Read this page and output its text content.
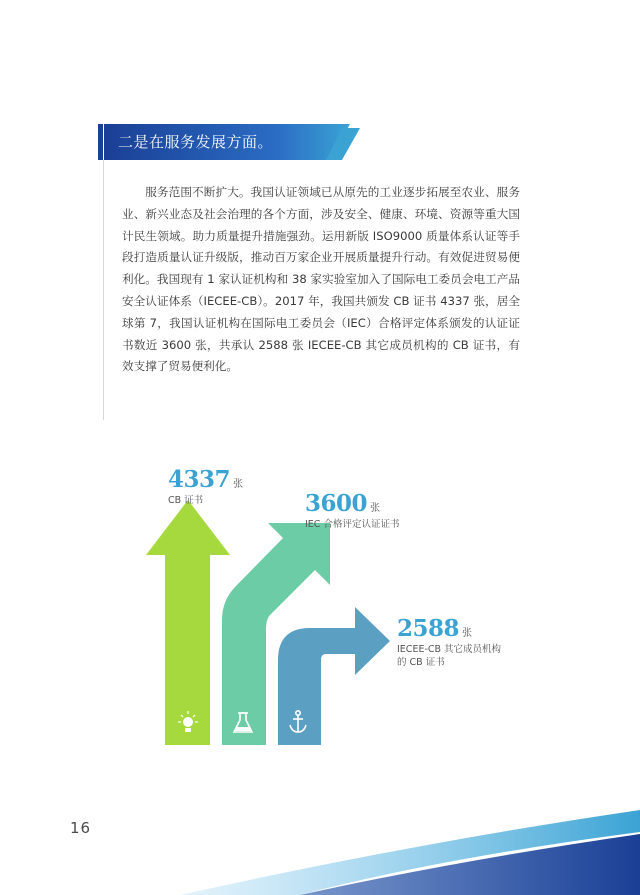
二是在服务发展方面。

服务范围不断扩大。我国认证领域已从原先的工业逐步拓展至农业、服务业、新兴业态及社会治理的各个方面，涉及安全、健康、环境、资源等重大国计民生领域。助力质量提升措施强劲。运用新版 ISO9000 质量体系认证等手段打造质量认证升级版，推动百万家企业开展质量提升行动。有效促进贸易便利化。我国现有 1 家认证机构和 38 家实验室加入了国际电工委员会电工产品安全认证体系（IECEE-CB）。2017 年，我国共颁发 CB 证书 4337 张，居全球第 7，我国认证机构在国际电工委员会（IEC）合格评定体系颁发的认证证书数近 3600 张，共承认 2588 张 IECEE-CB 其它成员机构的 CB 证书，有效支撑了贸易便利化。

4337 张
CB 证书	3600 张
IEC 合格评定认证证书
2588 张
IECEE-CB 其它成员机构
的 CB 证书
16
